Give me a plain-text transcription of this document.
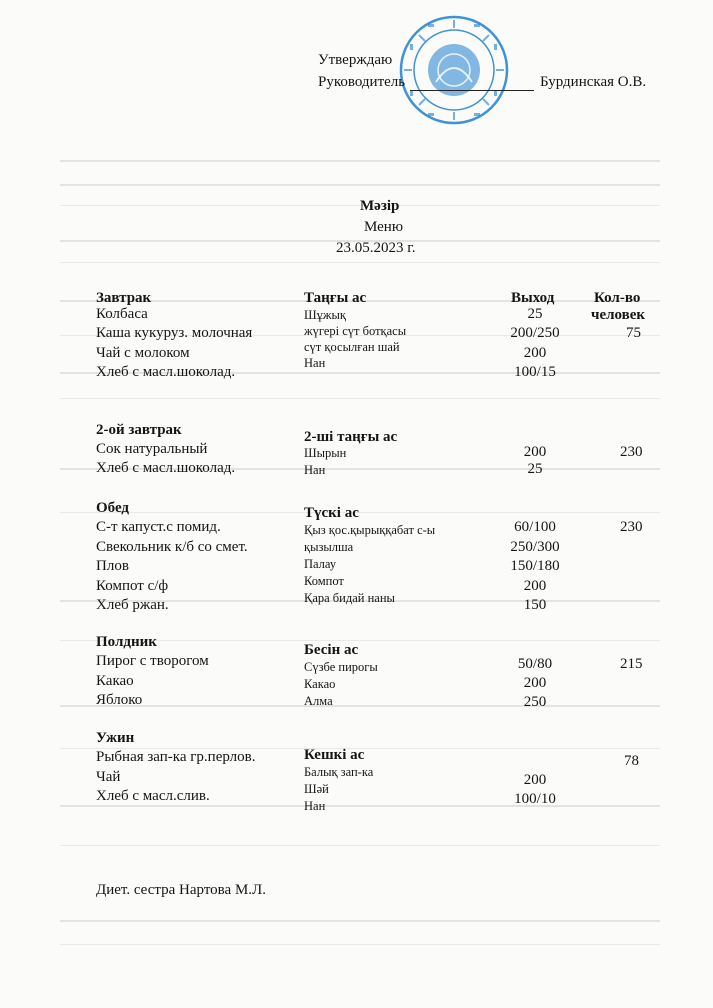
Утверждаю
Руководитель	Бурдинская О.В.
Мәзір
Меню
23.05.2023 г.
Выход	Кол-во
человек
Завтрак
Колбаса
Каша кукуруз. молочная
Чай с молоком
Хлеб с масл.шоколад.
Таңғы ас
Шұжық
жүгері сүт ботқасы
сүт қосылған шай
Нан
25
200/250
200
100/15
75
2-ой завтрак
Сок натуральный
Хлеб с масл.шоколад.
2-ші таңғы ас
Шырын
Нан
200
25
230
Обед
С-т капуст.с помид.
Свекольник к/б со смет.
Плов
Компот с/ф
Хлеб ржан.
Түскі ас
Қыз қос.қырыққабат с-ы
қызылша
Палау
Компот
Қара бидай наны
60/100
250/300
150/180
200
150
230
Полдник
Пирог с творогом
Какао
Яблоко
Бесін ас
Сүзбе пирогы
Какао
Алма
50/80
200
250
215
Ужин
Рыбная зап-ка гр.перлов.
Чай
Хлеб с масл.слив.
Кешкі ас
Балық зап-ка
Шәй
Нан
200
100/10
78
Диет. сестра Нартова М.Л.
